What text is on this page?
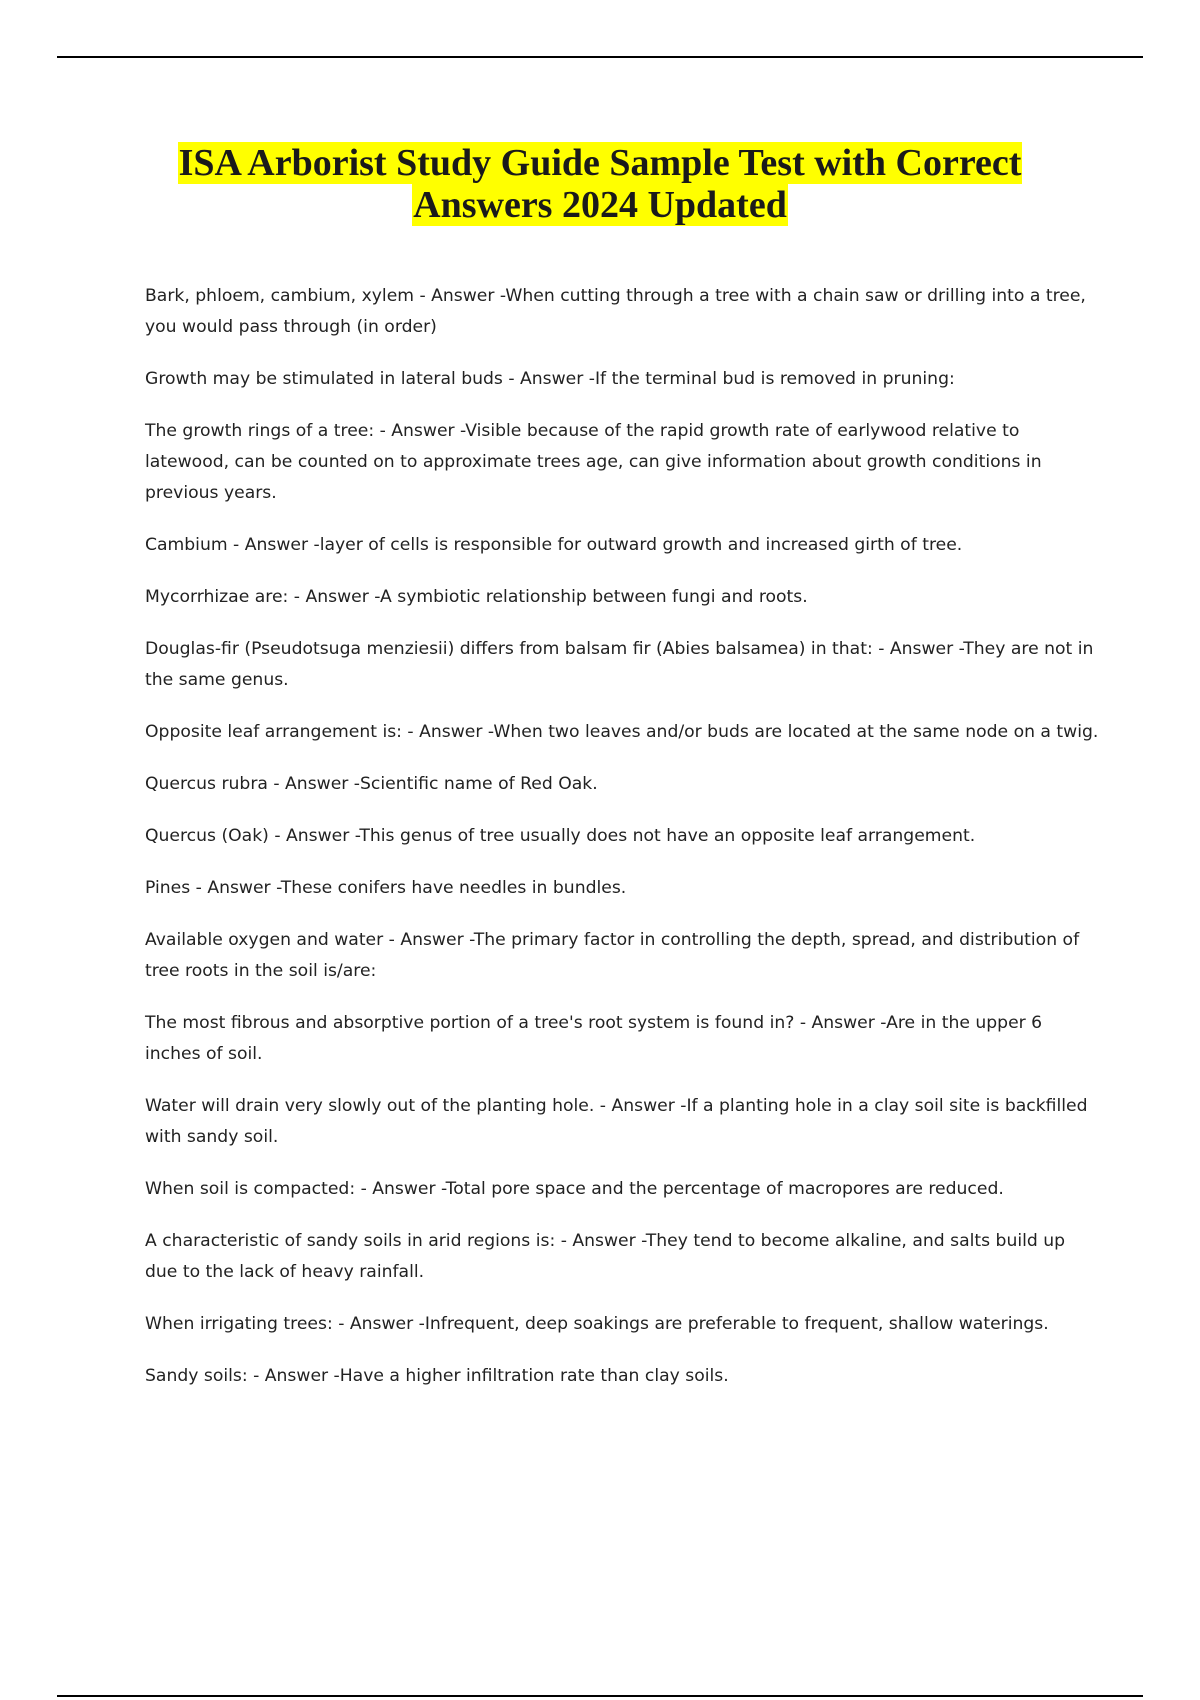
ISA Arborist Study Guide Sample Test with Correct
Answers 2024 Updated
Bark, phloem, cambium, xylem - Answer -When cutting through a tree with a chain saw or drilling into a tree, you would pass through (in order)
Growth may be stimulated in lateral buds - Answer -If the terminal bud is removed in pruning:
The growth rings of a tree: - Answer -Visible because of the rapid growth rate of earlywood relative to latewood, can be counted on to approximate trees age, can give information about growth conditions in previous years.
Cambium - Answer -layer of cells is responsible for outward growth and increased girth of tree.
Mycorrhizae are: - Answer -A symbiotic relationship between fungi and roots.
Douglas-fir (Pseudotsuga menziesii) differs from balsam fir (Abies balsamea) in that: - Answer -They are not in the same genus.
Opposite leaf arrangement is: - Answer -When two leaves and/or buds are located at the same node on a twig.
Quercus rubra - Answer -Scientific name of Red Oak.
Quercus (Oak) - Answer -This genus of tree usually does not have an opposite leaf arrangement.
Pines - Answer -These conifers have needles in bundles.
Available oxygen and water - Answer -The primary factor in controlling the depth, spread, and distribution of tree roots in the soil is/are:
The most fibrous and absorptive portion of a tree's root system is found in? - Answer -Are in the upper 6 inches of soil.
Water will drain very slowly out of the planting hole. - Answer -If a planting hole in a clay soil site is backfilled with sandy soil.
When soil is compacted: - Answer -Total pore space and the percentage of macropores are reduced.
A characteristic of sandy soils in arid regions is: - Answer -They tend to become alkaline, and salts build up due to the lack of heavy rainfall.
When irrigating trees: - Answer -Infrequent, deep soakings are preferable to frequent, shallow waterings.
Sandy soils: - Answer -Have a higher infiltration rate than clay soils.
